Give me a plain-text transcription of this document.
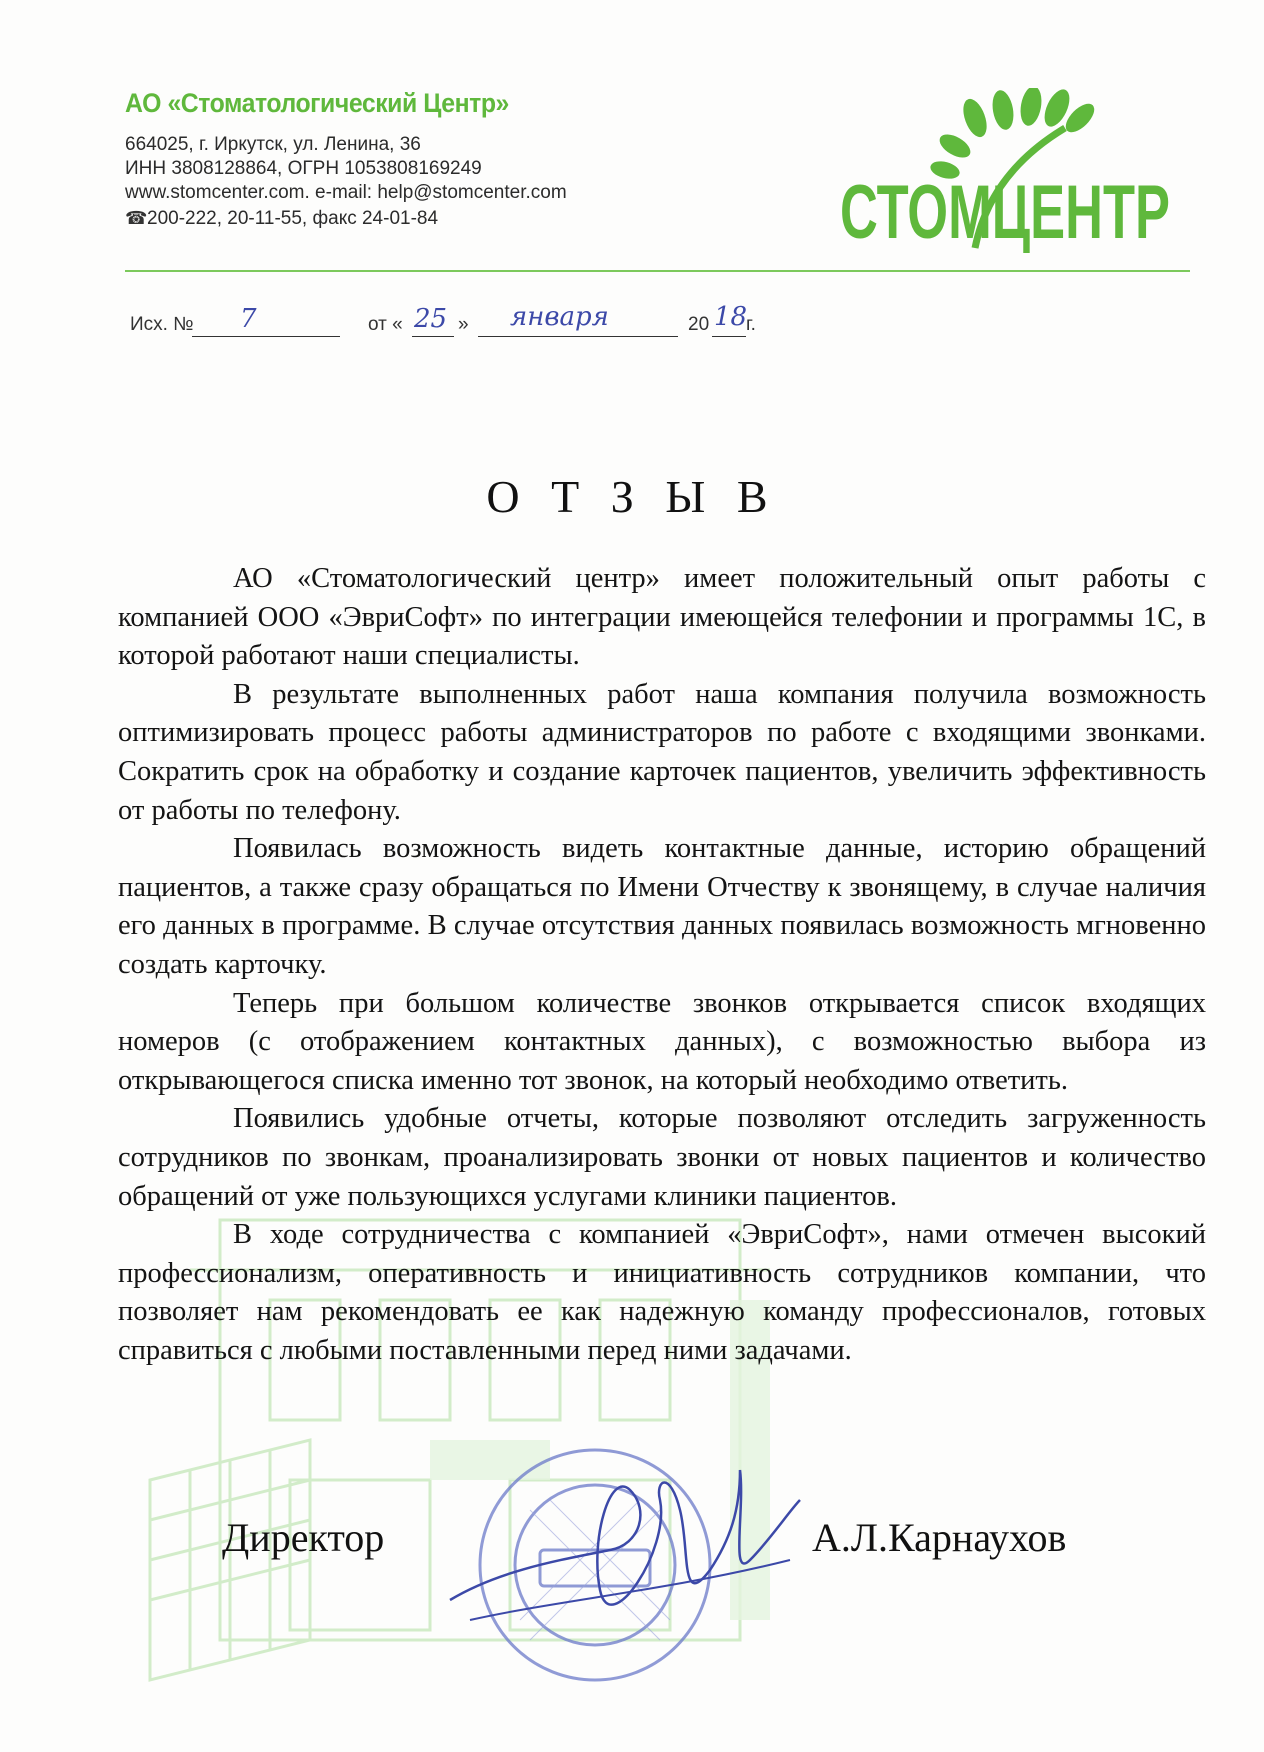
АО «Стоматологический Центр»
664025, г. Иркутск, ул. Ленина, 36
ИНН 3808128864, ОГРН 1053808169249
www.stomcenter.com. e-mail: help@stomcenter.com
☎200-222, 20-11-55, факс 24-01-84	СТОМЦЕНТР
Исх. № 7	от « 25 » января	20 18
г.
О Т З Ы В

АО «Стоматологический центр» имеет положительный опыт работы с компанией ООО «ЭвриСофт» по интеграции имеющейся телефонии и программы 1С, в которой работают наши специалисты.

В результате выполненных работ наша компания получила возможность оптимизировать процесс работы администраторов по работе с входящими звонками. Сократить срок на обработку и создание карточек пациентов, увеличить эффективность от работы по телефону.

Появилась возможность видеть контактные данные, историю обращений пациентов, а также сразу обращаться по Имени Отчеству к звонящему, в случае наличия его данных в программе. В случае отсутствия данных появилась возможность мгновенно создать карточку.

Теперь при большом количестве звонков открывается список входящих номеров (с отображением контактных данных), с возможностью выбора из открывающегося списка именно тот звонок, на который необходимо ответить.

Появились удобные отчеты, которые позволяют отследить загруженность сотрудников по звонкам, проанализировать звонки от новых пациентов и количество обращений от уже пользующихся услугами клиники пациентов.

В ходе сотрудничества с компанией «ЭвриСофт», нами отмечен высокий профессионализм, оперативность и инициативность сотрудников компании, что позволяет нам рекомендовать ее как надежную команду профессионалов, готовых справиться с любыми поставленными перед ними задачами.

Директор	А.Л.Карнаухов
